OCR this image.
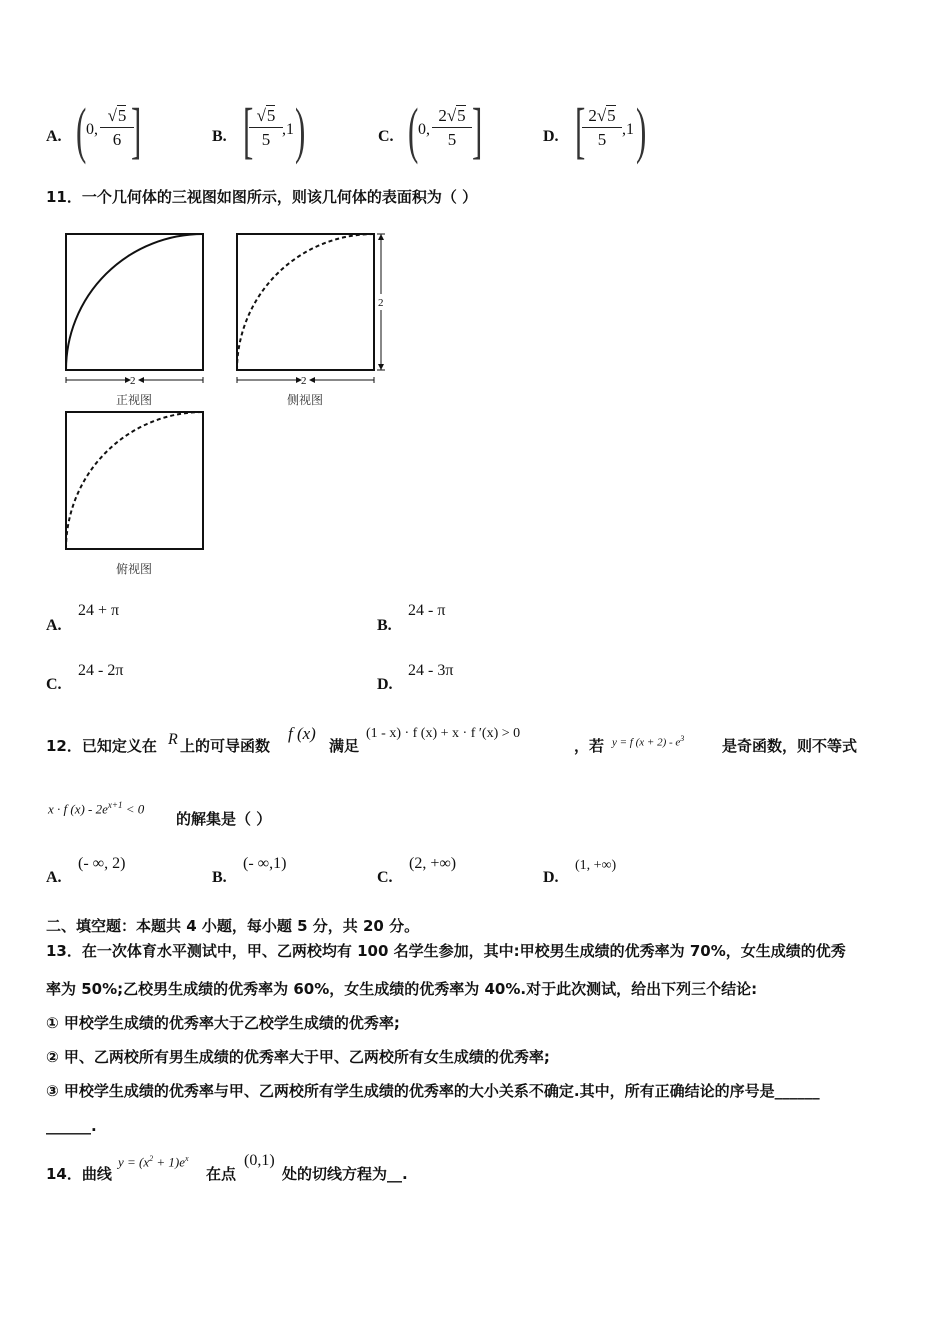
A. ( 0, $\frac{√5}{6}$
]	B. [
$\frac{√5}{5} ,1$ )	C. ( 0, $\frac{2√5}{5}$ ]	D. [
$\frac{2√5}{5} ,1$ )
11．一个几何体的三视图如图所示，则该几何体的表面积为（ ）
2
正视图
2
2
侧视图
俯视图
A.
24 + π
B.
24 - π
C.
24 - 2π
D.
24 - 3π
12．已知定义在 R 上的可导函数
f (x)
满足
(1 - x) · f (x) + x · f ′(x) > 0
，若 y = f $(x + 2) - e^3$	是奇函数，则不等式
x · f $(x) - 2e^{x+1} < 0$
的解集是（ ）
A.
(- ∞, 2)
B.
(- ∞,1)
C.
(2, +∞)
D.
(1, +∞)
二、填空题：本题共 4 小题，每小题 5 分，共 20 分。
13．在一次体育水平测试中，甲、乙两校均有 100 名学生参加，其中:甲校男生成绩的优秀率为 70%，女生成绩的优秀
率为 50%;乙校男生成绩的优秀率为 60%，女生成绩的优秀率为 40%.对于此次测试，给出下列三个结论:
① 甲校学生成绩的优秀率大于乙校学生成绩的优秀率;
② 甲、乙两校所有男生成绩的优秀率大于甲、乙两校所有女生成绩的优秀率;
③ 甲校学生成绩的优秀率与甲、乙两校所有学生成绩的优秀率的大小关系不确定.其中，所有正确结论的序号是______
______.
14．曲线
$y = (x^2 + 1)e^x$
在点
(0,1)
处的切线方程为__.
